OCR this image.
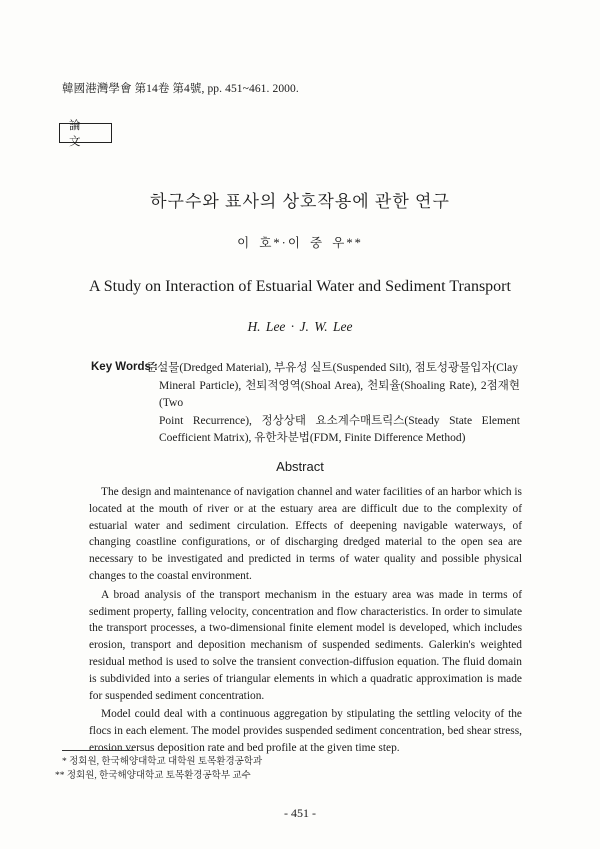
韓國港灣學會 第14卷 第4號, pp. 451~461. 2000.
論 文
하구수와 표사의 상호작용에 관한 연구
이 호*·이 중 우**
A Study on Interaction of Estuarial Water and Sediment Transport
H. Lee · J. W. Lee
Key Words :
준설물(Dredged Material), 부유성 실트(Suspended Silt), 점토성광물입자(Clay
Mineral Particle), 천퇴적영역(Shoal Area), 천퇴율(Shoaling Rate), 2점재현(Two
Point Recurrence), 정상상태 요소계수매트릭스(Steady State Element
Coefficient Matrix), 유한차분법(FDM, Finite Difference Method)
Abstract

The design and maintenance of navigation channel and water facilities of an harbor which is located at the mouth of river or at the estuary area are difficult due to the complexity of estuarial water and sediment circulation. Effects of deepening navigable waterways, of changing coastline configurations, or of discharging dredged material to the open sea are necessary to be investigated and predicted in terms of water quality and possible physical changes to the coastal environment.

A broad analysis of the transport mechanism in the estuary area was made in terms of sediment property, falling velocity, concentration and flow characteristics. In order to simulate the transport processes, a two-dimensional finite element model is developed, which includes erosion, transport and deposition mechanism of suspended sediments. Galerkin's weighted residual method is used to solve the transient convection-diffusion equation. The fluid domain is subdivided into a series of triangular elements in which a quadratic approximation is made for suspended sediment concentration.

Model could deal with a continuous aggregation by stipulating the settling velocity of the flocs in each element. The model provides suspended sediment concentration, bed shear stress, erosion versus deposition rate and bed profile at the given time step.

* 정회원, 한국해양대학교 대학원 토목환경공학과
** 정회원, 한국해양대학교 토목환경공학부 교수
- 451 -
